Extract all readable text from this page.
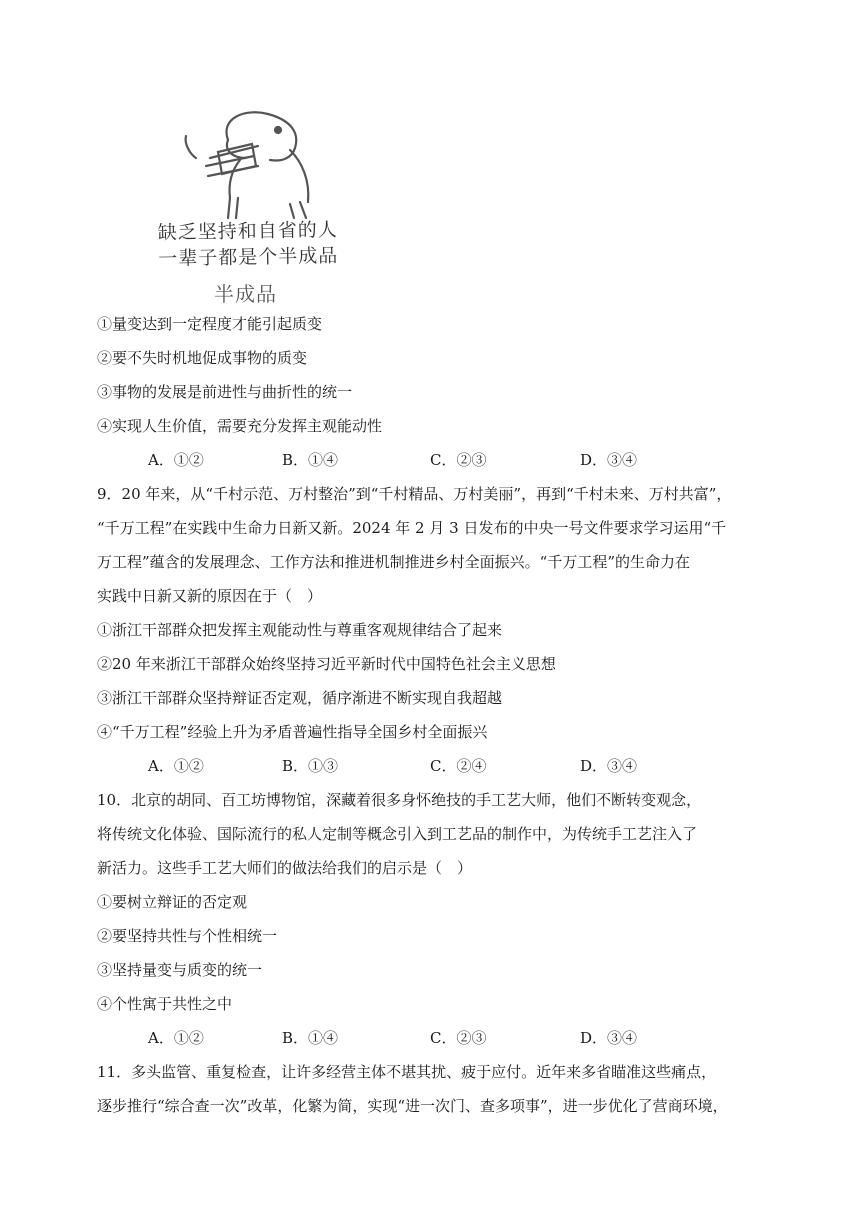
缺乏坚持和自省的人
一辈子都是个半成品
半成品
①量变达到一定程度才能引起质变
②要不失时机地促成事物的质变
③事物的发展是前进性与曲折性的统一
④实现人生价值，需要充分发挥主观能动性
A．①②	B．①④	C．②③	D．③④
9．20 年来，从“千村示范、万村整治”到“千村精品、万村美丽”，再到“千村未来、万村共富”，
“千万工程”在实践中生命力日新又新。2024 年 2 月 3 日发布的中央一号文件要求学习运用“千
万工程”蕴含的发展理念、工作方法和推进机制推进乡村全面振兴。“千万工程”的生命力在
实践中日新又新的原因在于（　）
①浙江干部群众把发挥主观能动性与尊重客观规律结合了起来
②20 年来浙江干部群众始终坚持习近平新时代中国特色社会主义思想
③浙江干部群众坚持辩证否定观，循序渐进不断实现自我超越
④“千万工程”经验上升为矛盾普遍性指导全国乡村全面振兴
A．①②	B．①③	C．②④	D．③④
10．北京的胡同、百工坊博物馆，深藏着很多身怀绝技的手工艺大师，他们不断转变观念，
将传统文化体验、国际流行的私人定制等概念引入到工艺品的制作中，为传统手工艺注入了
新活力。这些手工艺大师们的做法给我们的启示是（　）
①要树立辩证的否定观
②要坚持共性与个性相统一
③坚持量变与质变的统一
④个性寓于共性之中
A．①②	B．①④	C．②③	D．③④
11．多头监管、重复检查，让许多经营主体不堪其扰、疲于应付。近年来多省瞄准这些痛点，
逐步推行“综合查一次”改革，化繁为简，实现“进一次门、查多项事”，进一步优化了营商环境，
